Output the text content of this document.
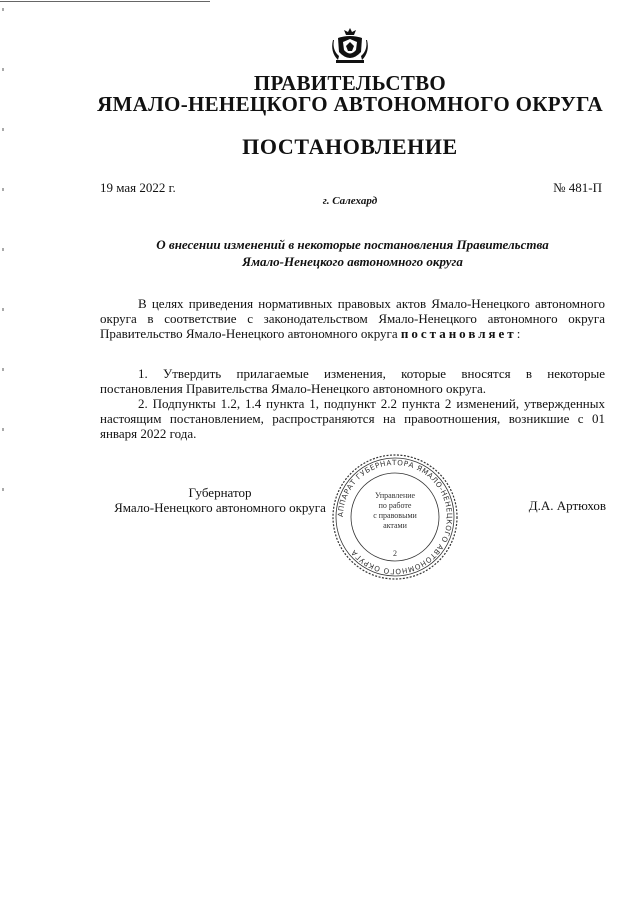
ПРАВИТЕЛЬСТВО
ЯМАЛО-НЕНЕЦКОГО АВТОНОМНОГО ОКРУГА
ПОСТАНОВЛЕНИЕ
19 мая 2022 г.	№ 481-П
г. Салехард
О внесении изменений в некоторые постановления Правительства
Ямало-Ненецкого автономного округа
В целях приведения нормативных правовых актов Ямало-Ненецкого автономного округа в соответствие с законодательством Ямало-Ненецкого автономного округа Правительство Ямало-Ненецкого автономного округа постановляет:
1. Утвердить прилагаемые изменения, которые вносятся в некоторые постановления Правительства Ямало-Ненецкого автономного округа.
2. Подпункты 1.2, 1.4 пункта 1, подпункт 2.2 пункта 2 изменений, утвержденных настоящим постановлением, распространяются на правоотношения, возникшие с 01 января 2022 года.
Губернатор
Ямало-Ненецкого автономного округа	Д.А. Артюхов
АППАРАТ ГУБЕРНАТОРА ЯМАЛО-НЕНЕЦКОГО АВТОНОМНОГО ОКРУГА
Управление
по работе
с правовыми
актами
2
